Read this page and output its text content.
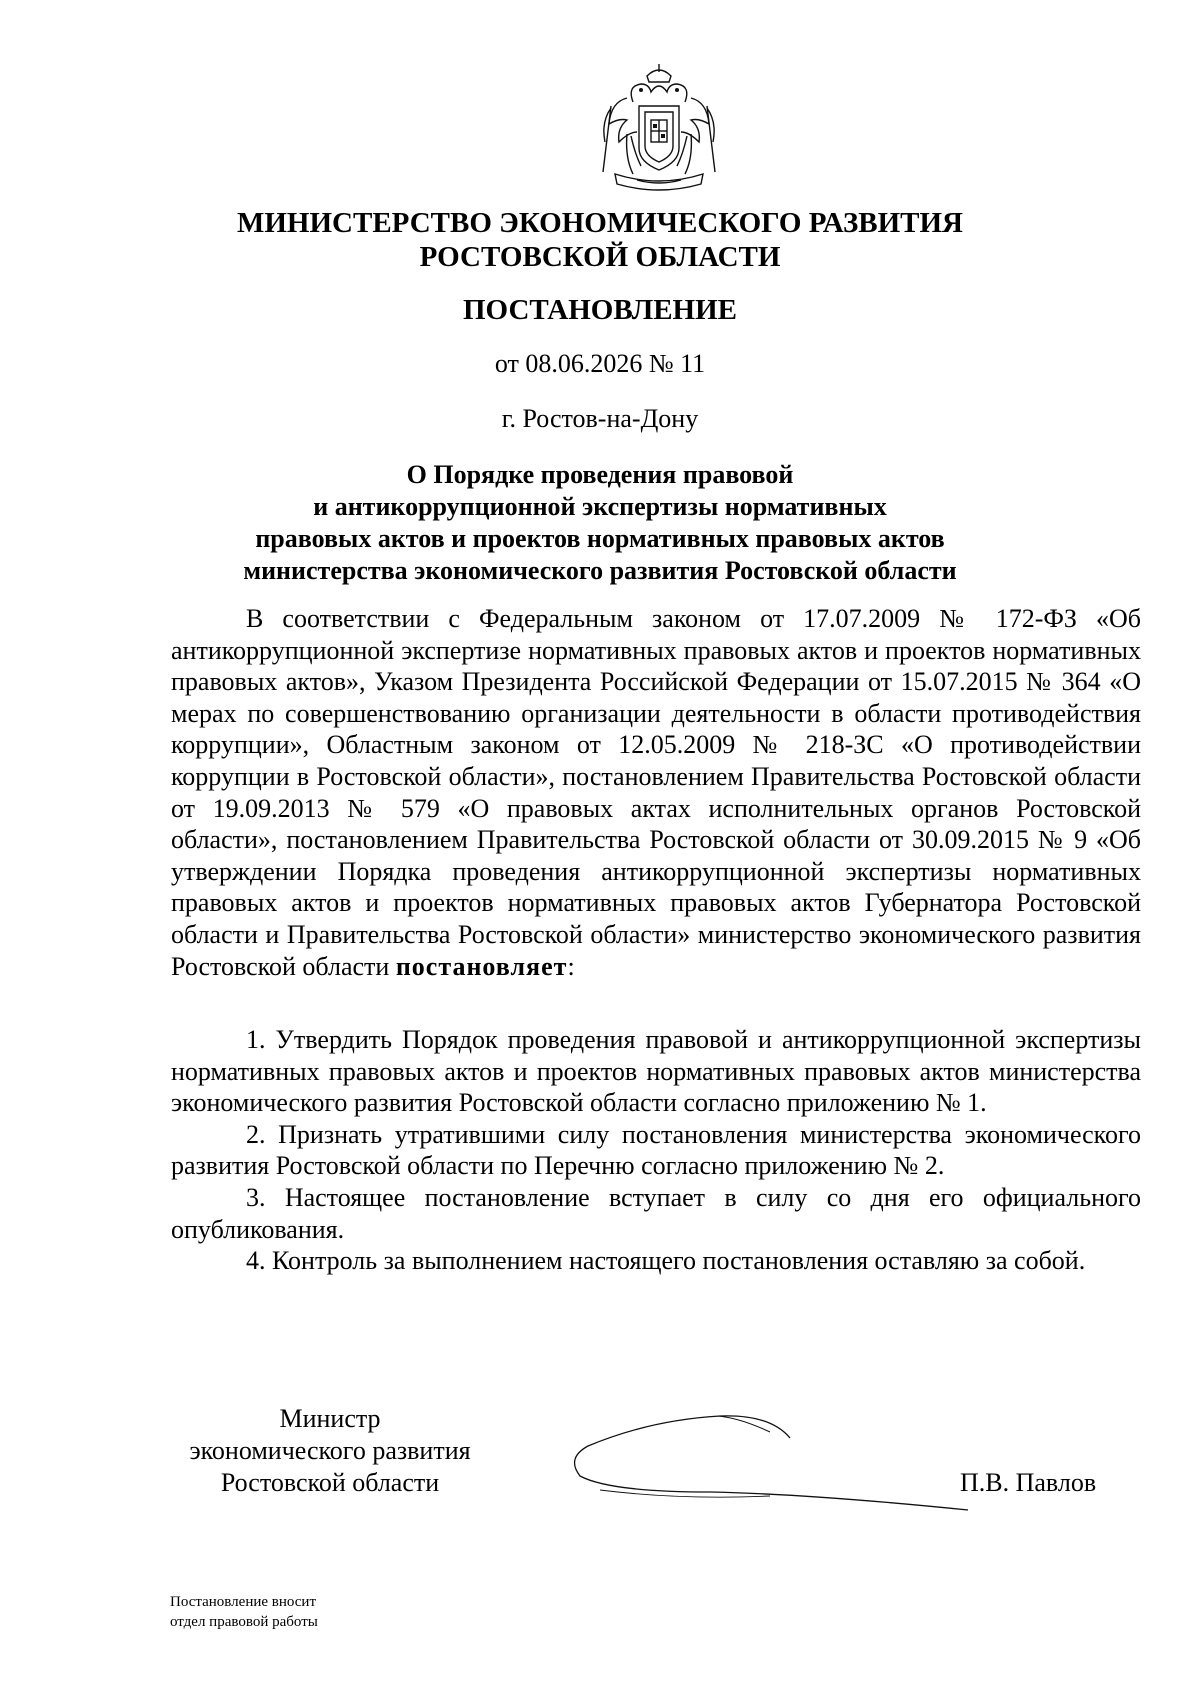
МИНИСТЕРСТВО ЭКОНОМИЧЕСКОГО РАЗВИТИЯ
РОСТОВСКОЙ ОБЛАСТИ
ПОСТАНОВЛЕНИЕ
от 08.06.2026 № 11
г. Ростов-на-Дону
О Порядке проведения правовой
и антикоррупционной экспертизы нормативных
правовых актов и проектов нормативных правовых актов
министерства экономического развития Ростовской области

В соответствии с Федеральным законом от 17.07.2009 № 172-ФЗ «Об антикоррупционной экспертизе нормативных правовых актов и проектов нормативных правовых актов», Указом Президента Российской Федерации от 15.07.2015 № 364 «О мерах по совершенствованию организации деятельности в области противодействия коррупции», Областным законом от 12.05.2009 № 218-ЗС «О противодействии коррупции в Ростовской области», постановлением Правительства Ростовской области от 19.09.2013 № 579 «О правовых актах исполнительных органов Ростовской области», постановлением Правительства Ростовской области от 30.09.2015 № 9 «Об утверждении Порядка проведения антикоррупционной экспертизы нормативных правовых актов и проектов нормативных правовых актов Губернатора Ростовской области и Правительства Ростовской области» министерство экономического развития Ростовской области постановляет:

1. Утвердить Порядок проведения правовой и антикоррупционной экспертизы нормативных правовых актов и проектов нормативных правовых актов министерства экономического развития Ростовской области согласно приложению № 1.

2. Признать утратившими силу постановления министерства экономического развития Ростовской области по Перечню согласно приложению № 2.

3. Настоящее постановление вступает в силу со дня его официального опубликования.

4. Контроль за выполнением настоящего постановления оставляю за собой.

Министр
экономического развития
Ростовской области	П.В. Павлов
Постановление вносит
отдел правовой работы
